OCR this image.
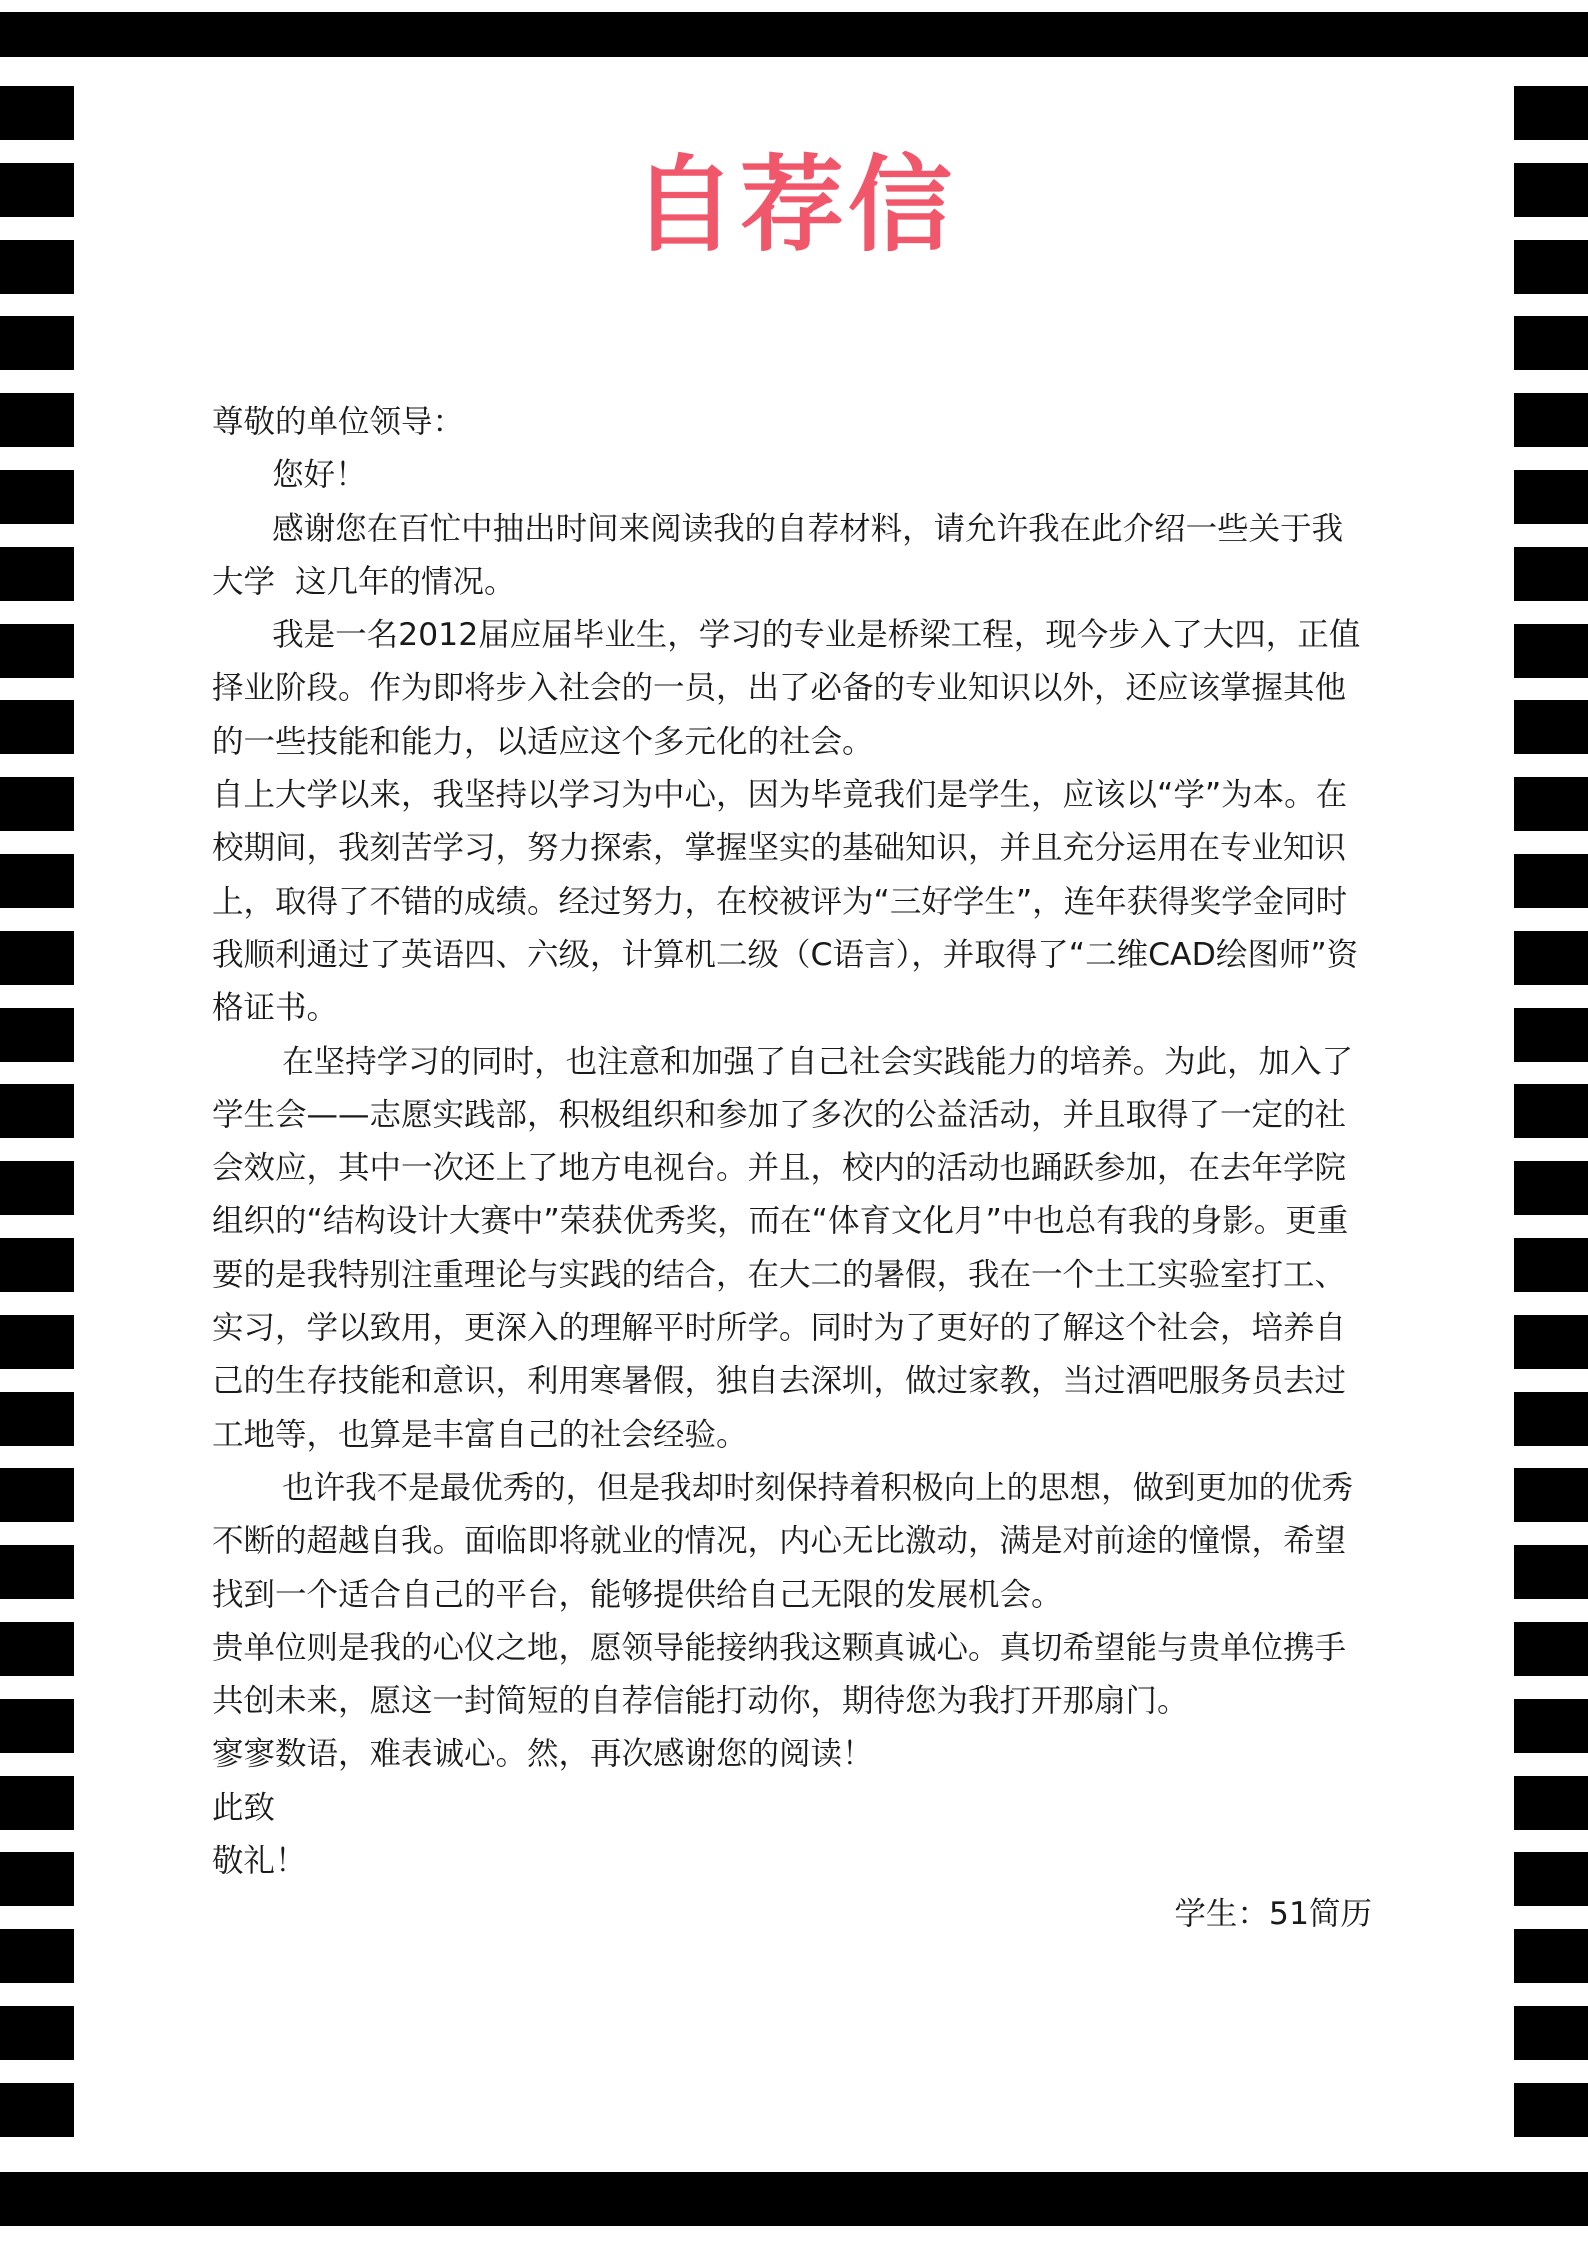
自荐信

尊敬的单位领导：

您好！

感谢您在百忙中抽出时间来阅读我的自荐材料，请允许我在此介绍一些关于我大学  这几年的情况。

我是一名2012届应届毕业生，学习的专业是桥梁工程，现今步入了大四，正值择业阶段。作为即将步入社会的一员，出了必备的专业知识以外，还应该掌握其他的一些技能和能力，以适应这个多元化的社会。

自上大学以来，我坚持以学习为中心，因为毕竟我们是学生，应该以“学”为本。在校期间，我刻苦学习，努力探索，掌握坚实的基础知识，并且充分运用在专业知识上，取得了不错的成绩。经过努力，在校被评为“三好学生”，连年获得奖学金同时我顺利通过了英语四、六级，计算机二级（C语言），并取得了“二维CAD绘图师”资格证书。

在坚持学习的同时，也注意和加强了自己社会实践能力的培养。为此，加入了学生会——志愿实践部，积极组织和参加了多次的公益活动，并且取得了一定的社会效应，其中一次还上了地方电视台。并且，校内的活动也踊跃参加，在去年学院组织的“结构设计大赛中”荣获优秀奖，而在“体育文化月”中也总有我的身影。更重要的是我特别注重理论与实践的结合，在大二的暑假，我在一个土工实验室打工、实习，学以致用，更深入的理解平时所学。同时为了更好的了解这个社会，培养自己的生存技能和意识，利用寒暑假，独自去深圳，做过家教，当过酒吧服务员去过工地等，也算是丰富自己的社会经验。

也许我不是最优秀的，但是我却时刻保持着积极向上的思想，做到更加的优秀不断的超越自我。面临即将就业的情况，内心无比激动，满是对前途的憧憬，希望找到一个适合自己的平台，能够提供给自己无限的发展机会。

贵单位则是我的心仪之地，愿领导能接纳我这颗真诚心。真切希望能与贵单位携手共创未来，愿这一封简短的自荐信能打动你，期待您为我打开那扇门。

寥寥数语，难表诚心。然，再次感谢您的阅读！

此致

敬礼！

学生：51简历
